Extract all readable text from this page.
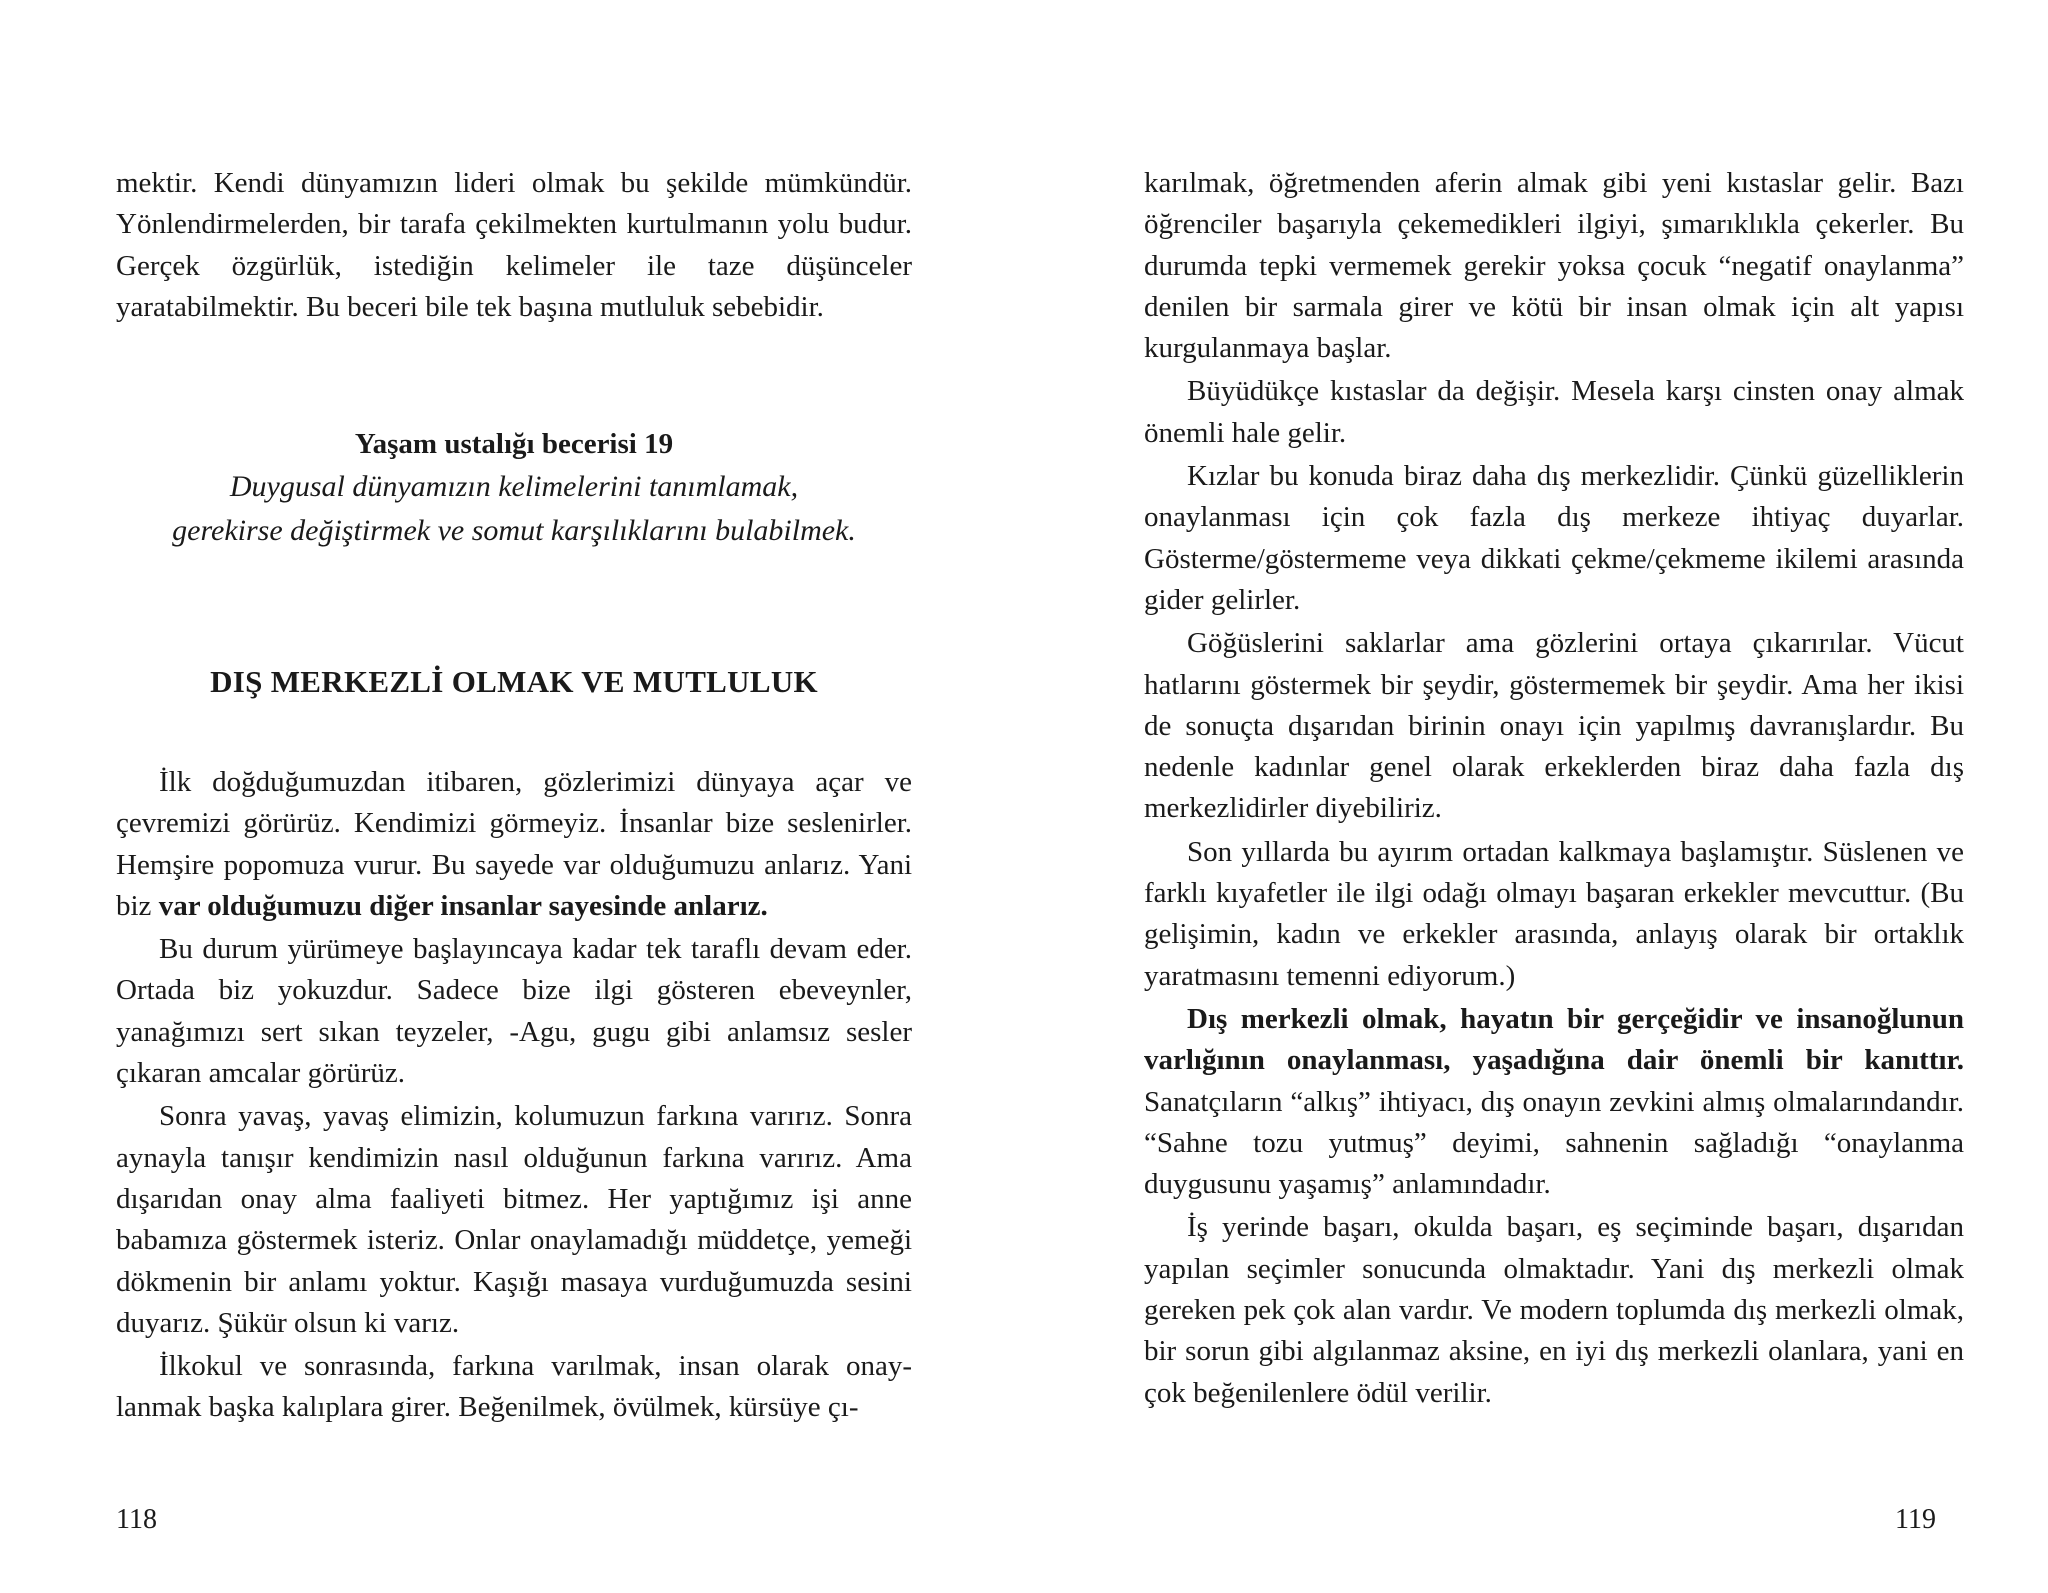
mektir. Kendi dünyamızın lideri olmak bu şekilde mümkündür. Yönlendirmelerden, bir tarafa çekilmekten kurtulmanın yolu budur. Gerçek özgürlük, istediğin kelimeler ile taze düşünceler yaratabilmektir. Bu beceri bile tek başına mutluluk sebebidir.

Yaşam ustalığı becerisi 19
Duygusal dünyamızın kelimelerini tanımlamak,
gerekirse değiştirmek ve somut karşılıklarını bulabilmek.
DIŞ MERKEZLİ OLMAK VE MUTLULUK

İlk doğduğumuzdan itibaren, gözlerimizi dünyaya açar ve çevremizi görürüz. Kendimizi görmeyiz. İnsanlar bize seslenirler. Hemşire popomuza vurur. Bu sayede var olduğumuzu anlarız. Yani biz var olduğumuzu diğer insanlar sayesinde anlarız.

Bu durum yürümeye başlayıncaya kadar tek taraflı devam eder. Ortada biz yokuzdur. Sadece bize ilgi gösteren ebeveynler, yanağımızı sert sıkan teyzeler, -Agu, gugu gibi anlamsız sesler çıkaran amcalar görürüz.

Sonra yavaş, yavaş elimizin, kolumuzun farkına varırız. Sonra aynayla tanışır kendimizin nasıl olduğunun farkına varırız. Ama dışarıdan onay alma faaliyeti bitmez. Her yaptığımız işi anne babamıza göstermek isteriz. Onlar onaylamadığı müddetçe, yemeği dökmenin bir anlamı yoktur. Kaşığı masaya vurduğumuzda sesini duyarız. Şükür olsun ki varız.

İlkokul ve sonrasında, farkına varılmak, insan olarak onaylanmak başka kalıplara girer. Beğenilmek, övülmek, kürsüye çı-

118

karılmak, öğretmenden aferin almak gibi yeni kıstaslar gelir. Bazı öğrenciler başarıyla çekemedikleri ilgiyi, şımarıklıkla çekerler. Bu durumda tepki vermemek gerekir yoksa çocuk “negatif onaylanma” denilen bir sarmala girer ve kötü bir insan olmak için alt yapısı kurgulanmaya başlar.

Büyüdükçe kıstaslar da değişir. Mesela karşı cinsten onay almak önemli hale gelir.

Kızlar bu konuda biraz daha dış merkezlidir. Çünkü güzelliklerin onaylanması için çok fazla dış merkeze ihtiyaç duyarlar. Gösterme/göstermeme veya dikkati çekme/çekmeme ikilemi arasında gider gelirler.

Göğüslerini saklarlar ama gözlerini ortaya çıkarırılar. Vücut hatlarını göstermek bir şeydir, göstermemek bir şeydir. Ama her ikisi de sonuçta dışarıdan birinin onayı için yapılmış davranışlardır. Bu nedenle kadınlar genel olarak erkeklerden biraz daha fazla dış merkezlidirler diyebiliriz.

Son yıllarda bu ayırım ortadan kalkmaya başlamıştır. Süslenen ve farklı kıyafetler ile ilgi odağı olmayı başaran erkekler mevcuttur. (Bu gelişimin, kadın ve erkekler arasında, anlayış olarak bir ortaklık yaratmasını temenni ediyorum.)

Dış merkezli olmak, hayatın bir gerçeğidir ve insanoğlunun varlığının onaylanması, yaşadığına dair önemli bir kanıttır. Sanatçıların “alkış” ihtiyacı, dış onayın zevkini almış olmalarındandır. “Sahne tozu yutmuş” deyimi, sahnenin sağladığı “onaylanma duygusunu yaşamış” anlamındadır.

İş yerinde başarı, okulda başarı, eş seçiminde başarı, dışarıdan yapılan seçimler sonucunda olmaktadır. Yani dış merkezli olmak gereken pek çok alan vardır. Ve modern toplumda dış merkezli olmak, bir sorun gibi algılanmaz aksine, en iyi dış merkezli olanlara, yani en çok beğenilenlere ödül verilir.

119
